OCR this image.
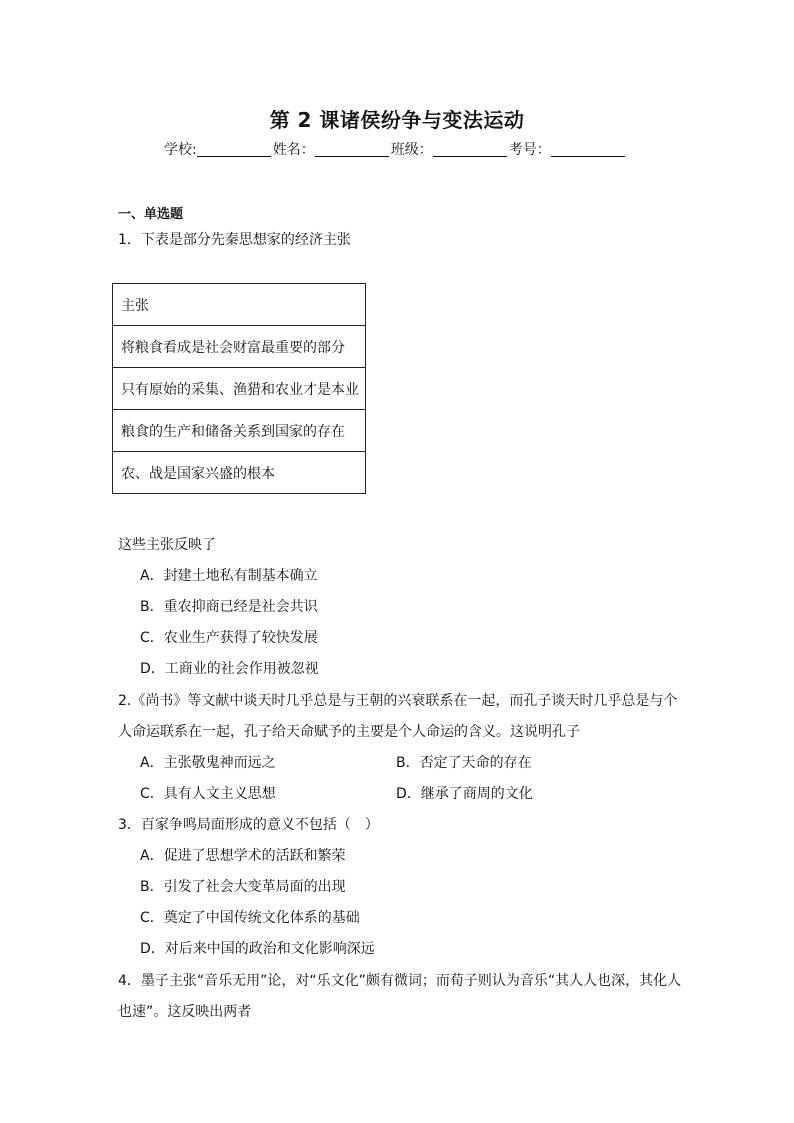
第 2 课诸侯纷争与变法运动
学校:	姓名：	班级：	考号：
一、单选题
1．下表是部分先秦思想家的经济主张
主张
将粮食看成是社会财富最重要的部分
只有原始的采集、渔猎和农业才是本业
粮食的生产和储备关系到国家的存在
农、战是国家兴盛的根本
这些主张反映了
A．封建土地私有制基本确立
B．重农抑商已经是社会共识
C．农业生产获得了较快发展
D．工商业的社会作用被忽视
2.《尚书》等文献中谈天时几乎总是与王朝的兴衰联系在一起，而孔子谈天时几乎总是与个
人命运联系在一起，孔子给天命赋予的主要是个人命运的含义。这说明孔子
A．主张敬鬼神而远之	B．否定了天命的存在
C．具有人文主义思想	D．继承了商周的文化
3．百家争鸣局面形成的意义不包括（　）
A．促进了思想学术的活跃和繁荣
B．引发了社会大变革局面的出现
C．奠定了中国传统文化体系的基础
D．对后来中国的政治和文化影响深远
4．墨子主张“音乐无用”论，对“乐文化”颇有微词；而荀子则认为音乐“其人人也深，其化人
也速”。这反映出两者
